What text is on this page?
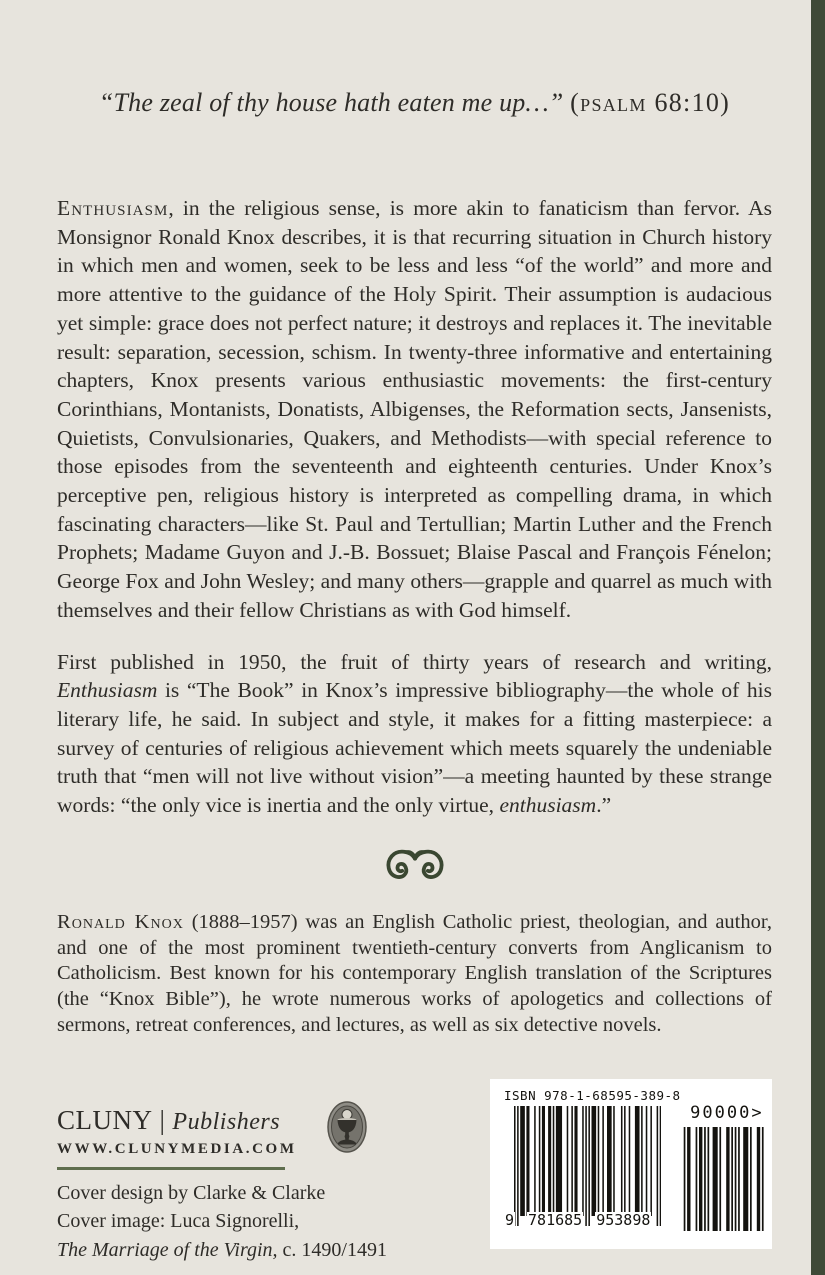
“The zeal of thy house hath eaten me up…” (psalm 68:10)

Enthusiasm, in the religious sense, is more akin to fanaticism than fervor. As Monsignor Ronald Knox describes, it is that recurring situation in Church history in which men and women, seek to be less and less “of the world” and more and more attentive to the guidance of the Holy Spirit. Their assumption is audacious yet simple: grace does not perfect nature; it destroys and replaces it. The inevitable result: separation, secession, schism. In twenty-three informative and entertaining chapters, Knox presents various enthusiastic movements: the first-century Corinthians, Montanists, Donatists, Albigenses, the Reformation sects, Jansenists, Quietists, Convulsionaries, Quakers, and Methodists—with special reference to those episodes from the seventeenth and eighteenth centuries. Under Knox’s perceptive pen, religious history is interpreted as compelling drama, in which fascinating characters—like St. Paul and Tertullian; Martin Luther and the French Prophets; Madame Guyon and J.-B. Bossuet; Blaise Pascal and François Fénelon; George Fox and John Wesley; and many others—grapple and quarrel as much with themselves and their fellow Christians as with God himself.

First published in 1950, the fruit of thirty years of research and writing, Enthusiasm is “The Book” in Knox’s impressive bibliography—the whole of his literary life, he said. In subject and style, it makes for a fitting masterpiece: a survey of centuries of religious achievement which meets squarely the undeniable truth that “men will not live without vision”—a meeting haunted by these strange words: “the only vice is inertia and the only virtue, enthusiasm.”

Ronald Knox (1888–1957) was an English Catholic priest, theologian, and author, and one of the most prominent twentieth-century converts from Anglicanism to Catholicism. Best known for his contemporary English translation of the Scriptures (the “Knox Bible”), he wrote numerous works of apologetics and collections of sermons, retreat conferences, and lectures, as well as six detective novels.

CLUNY | Publishers
WWW.CLUNYMEDIA.COM
Cover design by Clarke & Clarke
Cover image: Luca Signorelli,
The Marriage of the Virgin, c. 1490/1491
ISBN 978-1-68595-389-8
9 781685 953898
90000>
